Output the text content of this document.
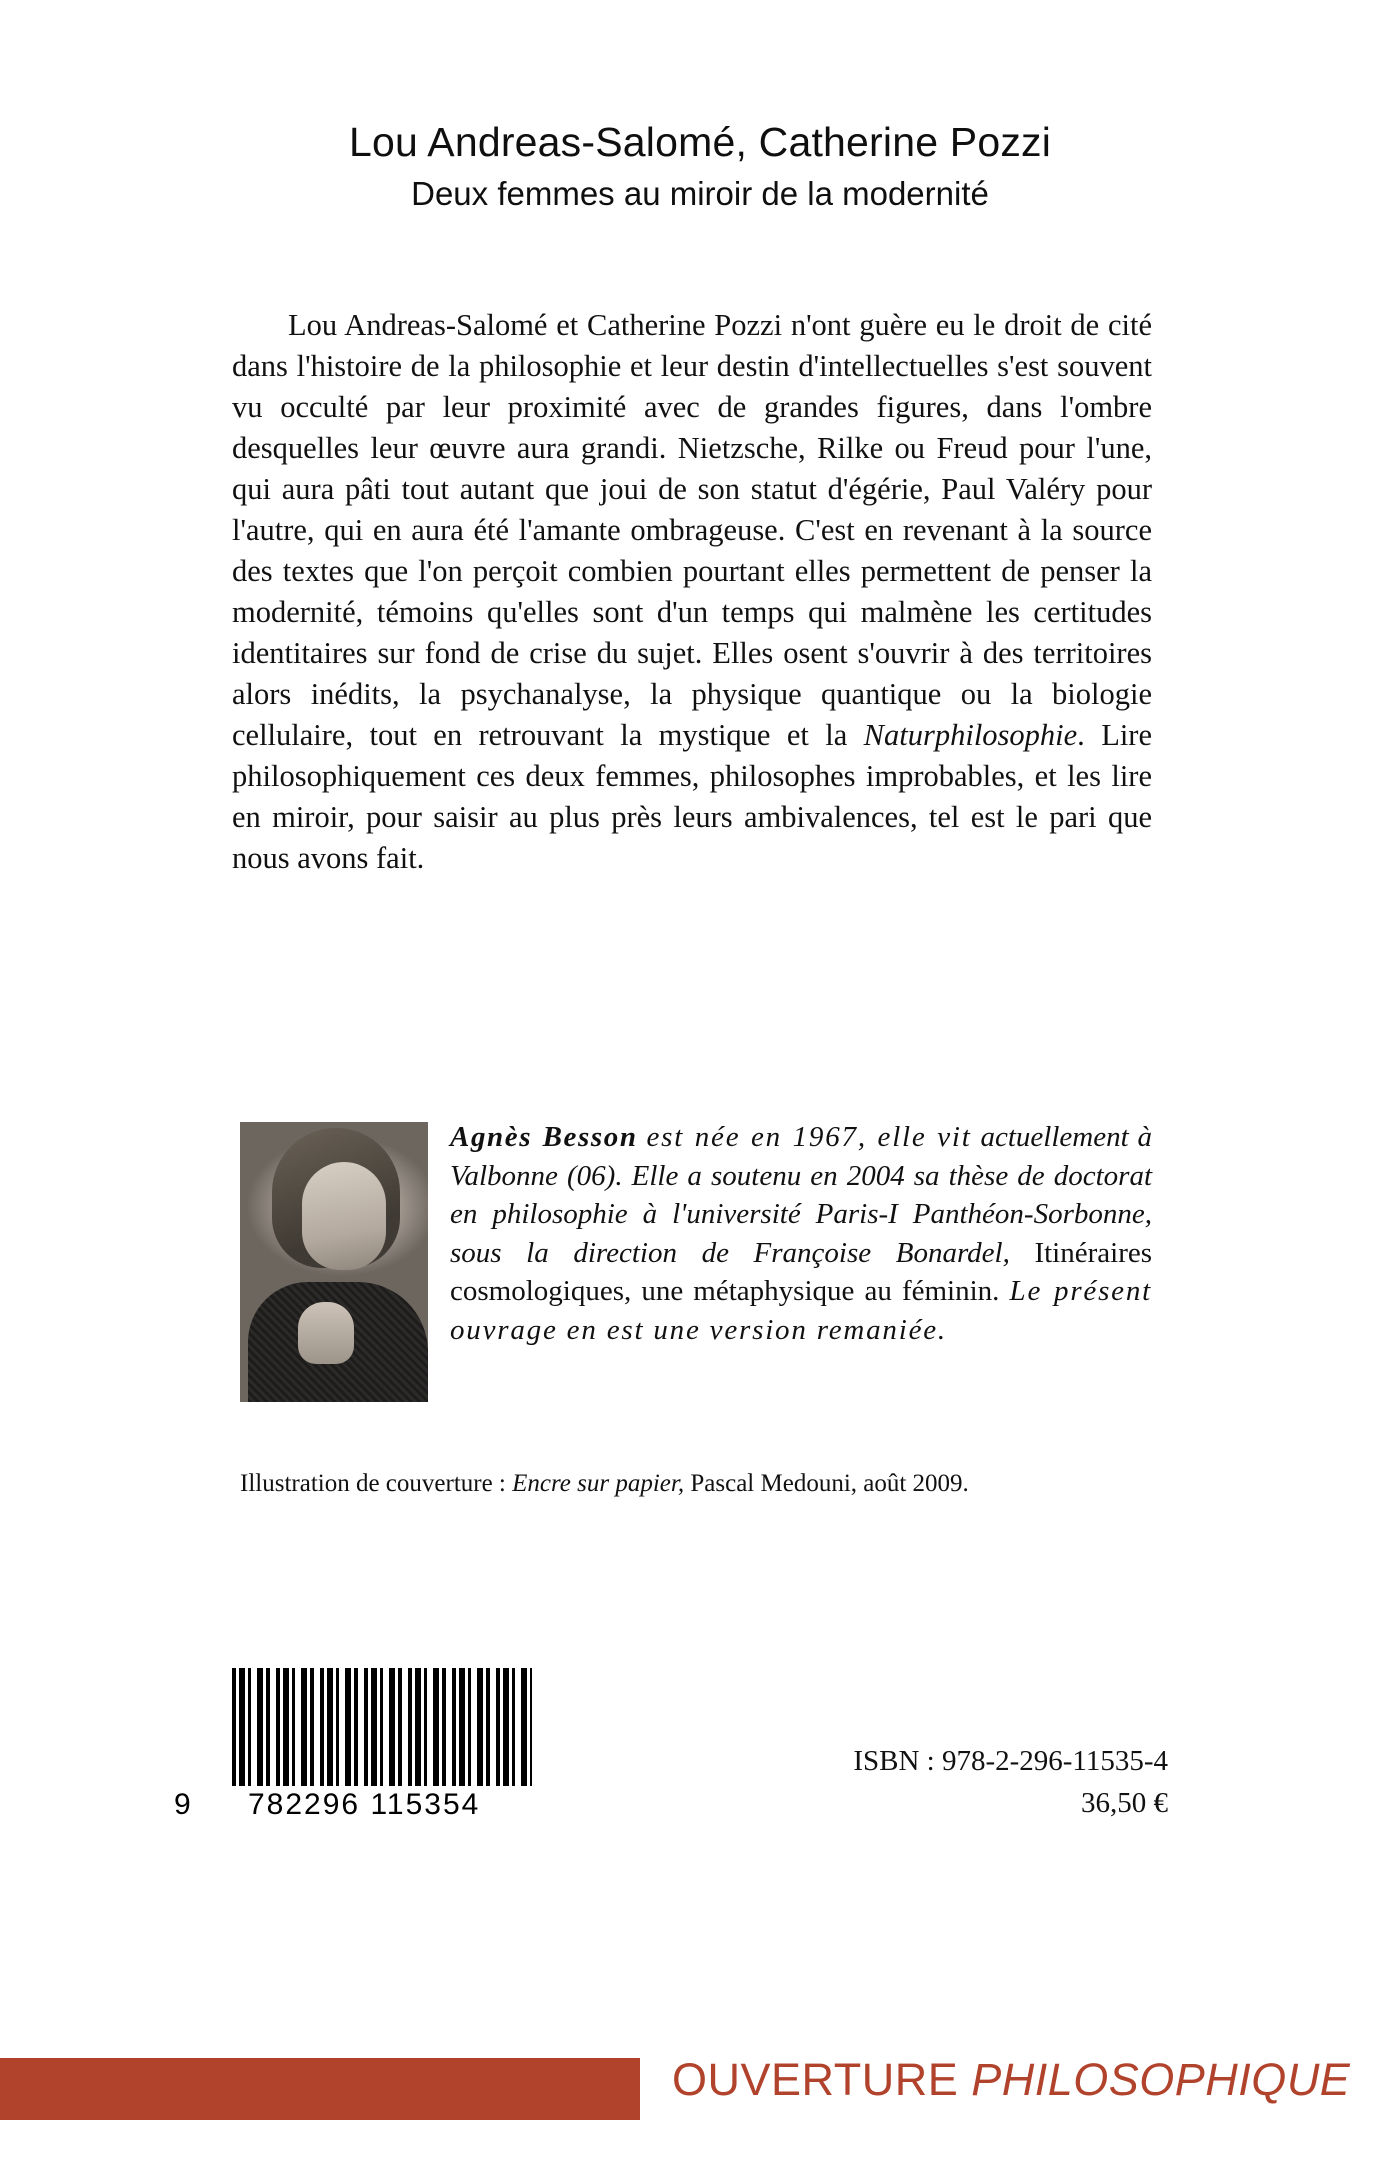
Lou Andreas-Salomé, Catherine Pozzi
Deux femmes au miroir de la modernité
Lou Andreas-Salomé et Catherine Pozzi n'ont guère eu le droit de cité dans l'histoire de la philosophie et leur destin d'intellectuelles s'est souvent vu occulté par leur proximité avec de grandes figures, dans l'ombre desquelles leur œuvre aura grandi. Nietzsche, Rilke ou Freud pour l'une, qui aura pâti tout autant que joui de son statut d'égérie, Paul Valéry pour l'autre, qui en aura été l'amante ombrageuse. C'est en revenant à la source des textes que l'on perçoit combien pourtant elles permettent de penser la modernité, témoins qu'elles sont d'un temps qui malmène les certitudes identitaires sur fond de crise du sujet. Elles osent s'ouvrir à des territoires alors inédits, la psychanalyse, la physique quantique ou la biologie cellulaire, tout en retrouvant la mystique et la Naturphilosophie. Lire philosophiquement ces deux femmes, philosophes improbables, et les lire en miroir, pour saisir au plus près leurs ambivalences, tel est le pari que nous avons fait.
Agnès Besson est née en 1967, elle vit actuellement à Valbonne (06). Elle a soutenu en 2004 sa thèse de doctorat en philosophie à l'université Paris-I Panthéon-Sorbonne, sous la direction de Françoise Bonardel, Itinéraires cosmologiques, une métaphysique au féminin. Le présent ouvrage en est une version remaniée.
Illustration de couverture : Encre sur papier, Pascal Medouni, août 2009.
9 782296 115354
ISBN : 978-2-296-11535-4
36,50 €
OUVERTURE PHILOSOPHIQUE
